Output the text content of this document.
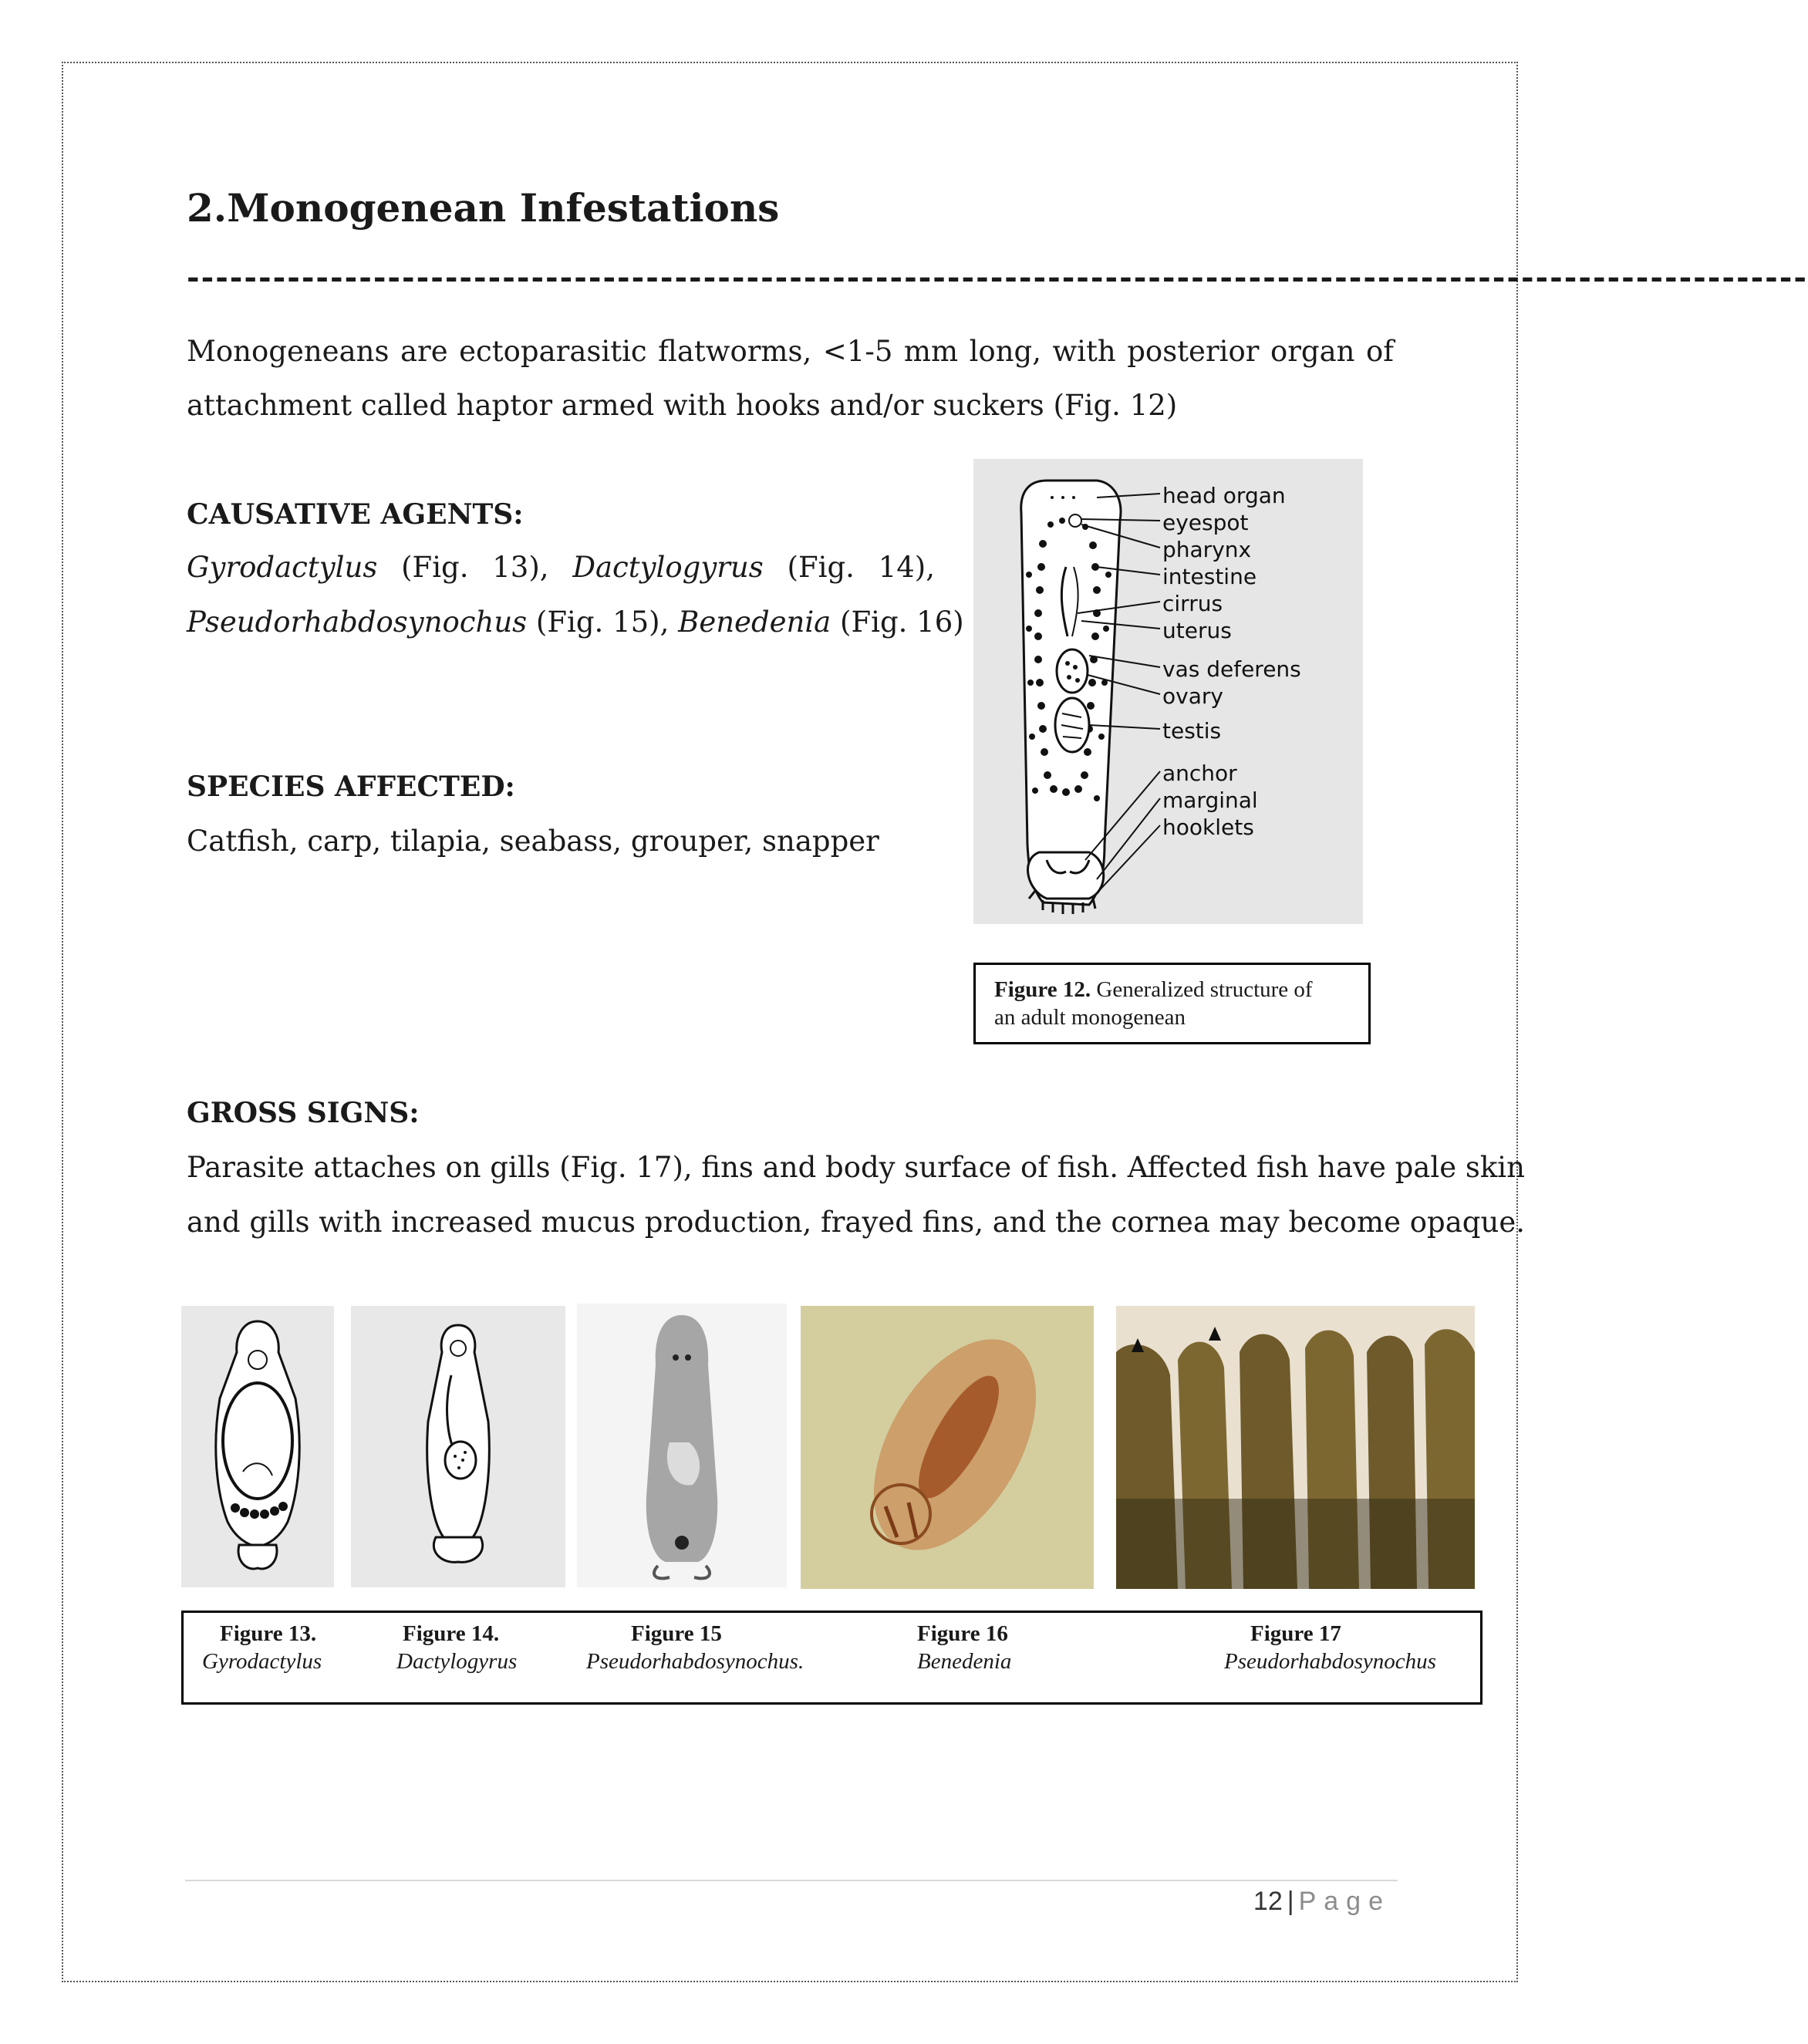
2.Monogenean Infestations
-----------------------------------------------------------------------------------------------------------------
Monogeneans are ectoparasitic flatworms, <1-5 mm long, with posterior organ of
attachment called haptor armed with hooks and/or suckers (Fig. 12)
CAUSATIVE AGENTS:
Gyrodactylus (Fig. 13), Dactylogyrus (Fig. 14),
Pseudorhabdosynochus (Fig. 15), Benedenia (Fig. 16)
SPECIES AFFECTED:
Catfish, carp, tilapia, seabass, grouper, snapper
head organ
eyespot
pharynx
intestine
cirrus
uterus
vas deferens
ovary
testis
anchor
marginal
hooklets
Figure 12. Generalized structure of
an adult monogenean
GROSS SIGNS:
Parasite attaches on gills (Fig. 17), fins and body surface of fish. Affected fish have pale skin
and gills with increased mucus production, frayed fins, and the cornea may become opaque.
Figure 13.
Gyrodactylus
Figure 14.
Dactylogyrus
Figure 15
Pseudorhabdosynochus.
Figure 16
Benedenia
Figure 17
Pseudorhabdosynochus
12 | Page
